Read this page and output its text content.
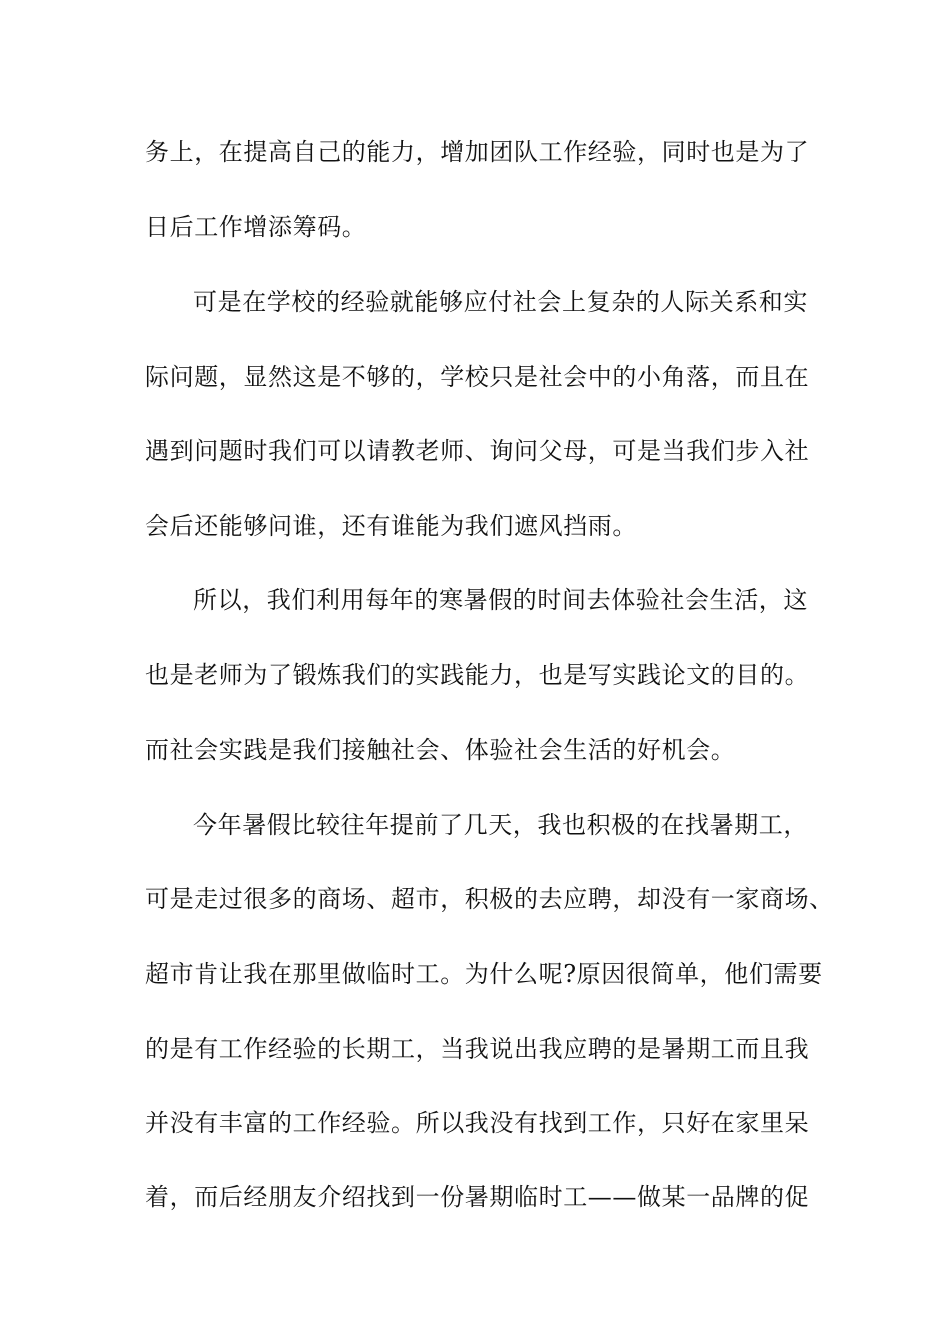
务上，在提高自己的能力，增加团队工作经验，同时也是为了
日后工作增添筹码。
可是在学校的经验就能够应付社会上复杂的人际关系和实
际问题，显然这是不够的，学校只是社会中的小角落，而且在
遇到问题时我们可以请教老师、询问父母，可是当我们步入社
会后还能够问谁，还有谁能为我们遮风挡雨。
所以，我们利用每年的寒暑假的时间去体验社会生活，这
也是老师为了锻炼我们的实践能力，也是写实践论文的目的。
而社会实践是我们接触社会、体验社会生活的好机会。
今年暑假比较往年提前了几天，我也积极的在找暑期工，
可是走过很多的商场、超市，积极的去应聘，却没有一家商场、
超市肯让我在那里做临时工。为什么呢?原因很简单，他们需要
的是有工作经验的长期工，当我说出我应聘的是暑期工而且我
并没有丰富的工作经验。所以我没有找到工作，只好在家里呆
着，而后经朋友介绍找到一份暑期临时工——做某一品牌的促
